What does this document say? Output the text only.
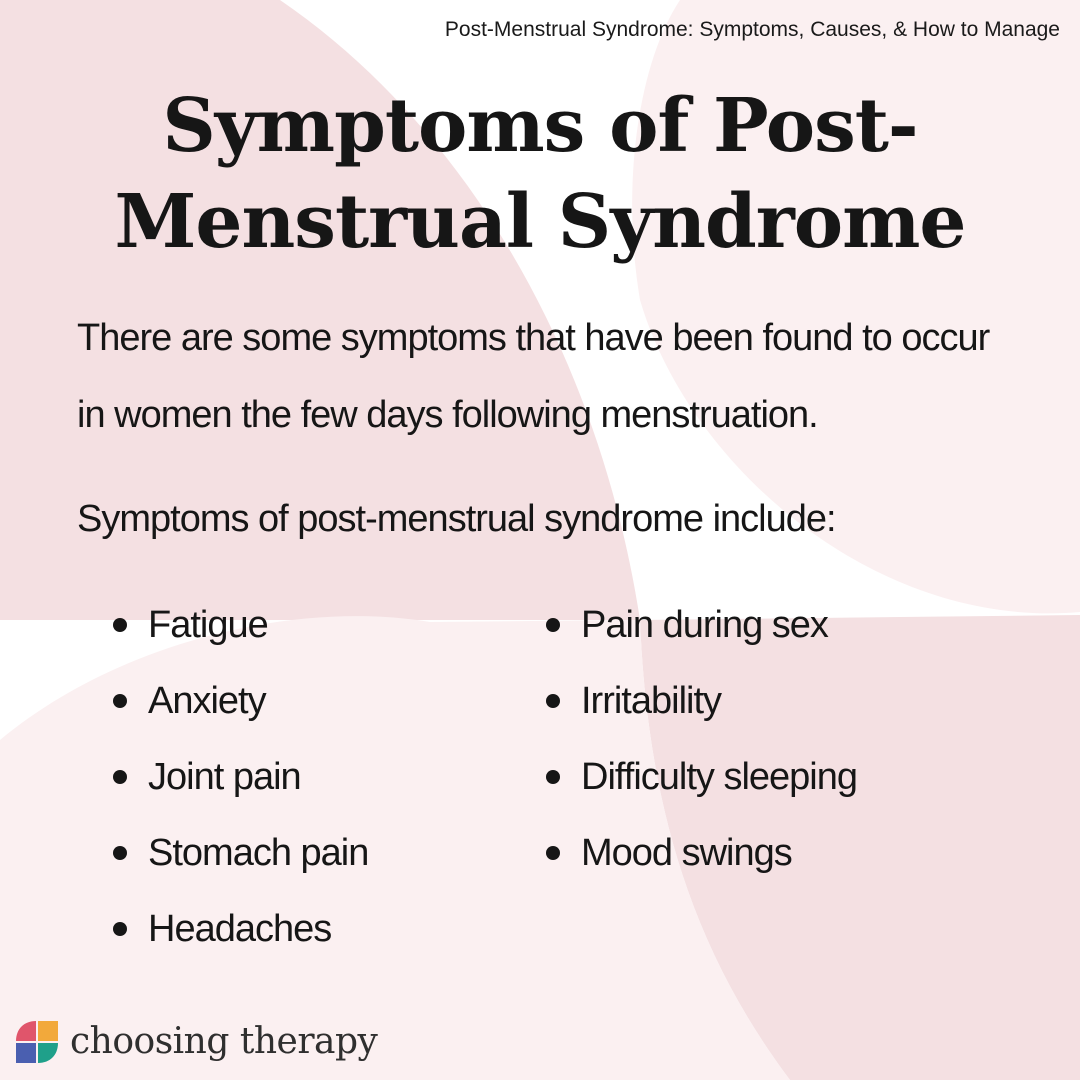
Post-Menstrual Syndrome: Symptoms, Causes, & How to Manage
Symptoms of Post-
Menstrual Syndrome

There are some symptoms that have been found to occur
in women the few days following menstruation.

Symptoms of post-menstrual syndrome include:

Fatigue
Anxiety
Joint pain
Stomach pain
Headaches
Pain during sex
Irritability
Difficulty sleeping
Mood swings
choosing therapy
